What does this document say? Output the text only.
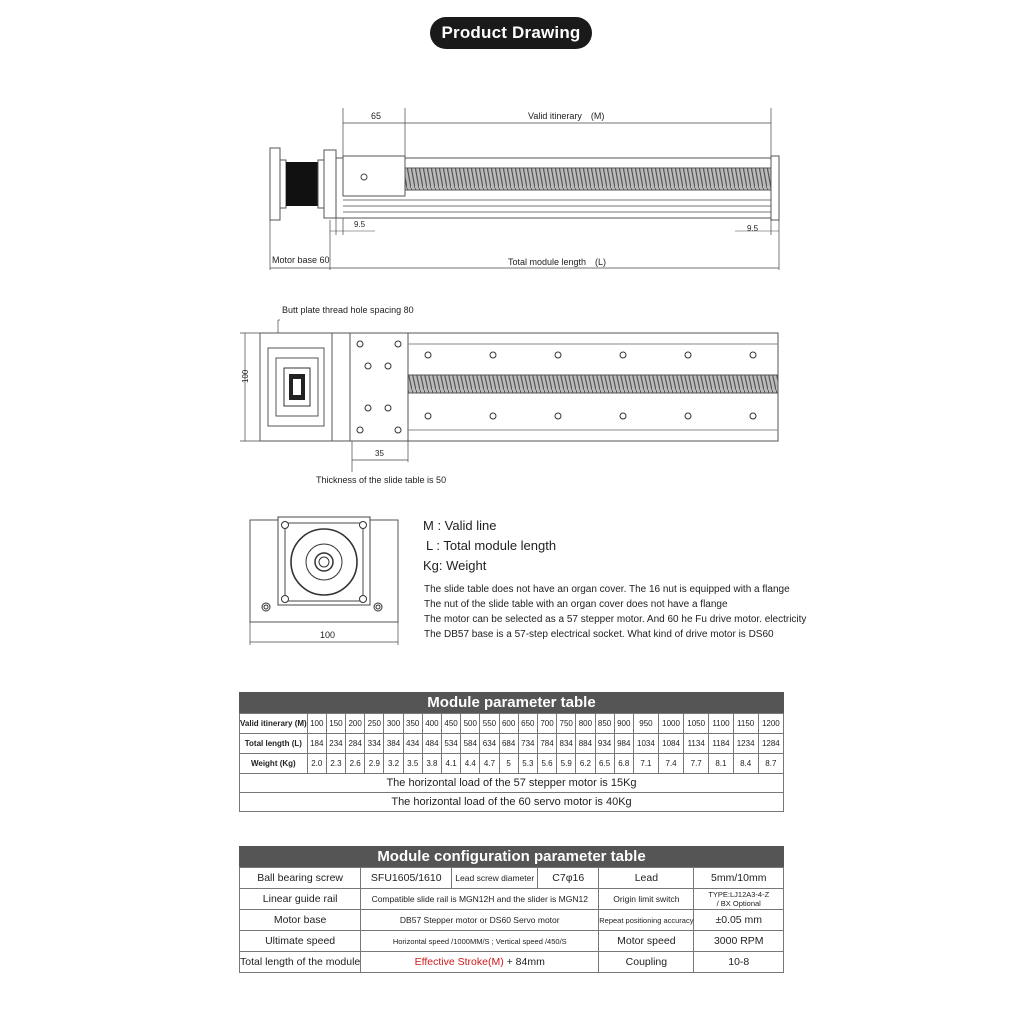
Product Drawing
65	Valid itinerary　(M)
9.5	9.5
Motor base 60	Total module length　(L)
Butt plate thread hole spacing 80
100
35
Thickness of the slide table is 50
100
M : Valid line
L : Total module length
Kg: Weight
The slide table does not have an organ cover. The 16 nut is equipped with a flange
The nut of the slide table with an organ cover does not have a flange
The motor can be selected as a 57 stepper motor. And 60 he Fu drive motor. electricity
The DB57 base is a 57-step electrical socket. What kind of drive motor is DS60
Module parameter table
Valid itinerary (M)	100	150	200	250	300	350	400	450	500	550	600	650	700	750	800	850	900	950	1000	1050	1100	1150	1200
Total length (L)	184	234	284	334	384	434	484	534	584	634	684	734	784	834	884	934	984	1034	1084	1134	1184	1234	1284
Weight (Kg)	2.0	2.3	2.6	2.9	3.2	3.5	3.8	4.1	4.4	4.7	5	5.3	5.6	5.9	6.2	6.5	6.8	7.1	7.4	7.7	8.1	8.4	8.7
The horizontal load of the 57 stepper motor is 15Kg																							
The horizontal load of the 60 servo motor is 40Kg																							
Module configuration parameter table
Ball bearing screw	SFU1605/1610	Lead screw diameter	C7φ16	Lead	5mm/10mm
Linear guide rail	Compatible slide rail is MGN12H and the slider is MGN12			Origin limit switch	TYPE:LJ12A3-4-Z
/ BX Optional
Motor base	DB57 Stepper motor or DS60 Servo motor			Repeat positioning accuracy	±0.05 mm
Ultimate speed	Horizontal speed /1000MM/S ; Vertical speed /450/S			Motor speed	3000 RPM
Total length of the module	Effective Stroke(M) + 84mm			Coupling	10-8
